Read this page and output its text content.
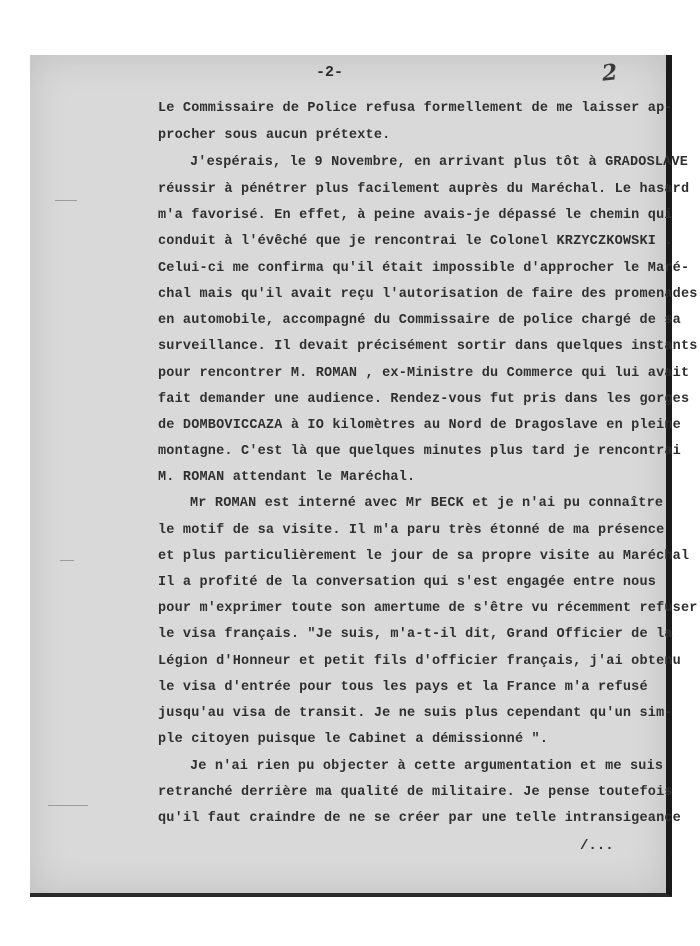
-2-	2
Le Commissaire de Police refusa formellement de me laisser ap-
procher sous aucun prétexte.
J'espérais, le 9 Novembre, en arrivant plus tôt à GRADOSLAVE
réussir à pénétrer plus facilement auprès du Maréchal. Le hasard
m'a favorisé. En effet, à peine avais-je dépassé le chemin qui
conduit à l'évêché que je rencontrai le Colonel KRZYCZKOWSKI .
Celui-ci me confirma qu'il était impossible d'approcher le Maré-
chal mais qu'il avait reçu l'autorisation de faire des promenades
en automobile, accompagné du Commissaire de police chargé de sa
surveillance. Il devait précisément sortir dans quelques instants
pour rencontrer M. ROMAN , ex-Ministre du Commerce qui lui avait
fait demander une audience. Rendez-vous fut pris dans les gorges
de DOMBOVICCAZA à IO kilomètres au Nord de Dragoslave en pleine
montagne. C'est là que quelques minutes plus tard je rencontrai
M. ROMAN attendant le Maréchal.
Mr ROMAN est interné avec Mr BECK et je n'ai pu connaître
le motif de sa visite. Il m'a paru très étonné de ma présence
et plus particulièrement le jour de sa propre visite au Maréchal
Il a profité de la conversation qui s'est engagée entre nous
pour m'exprimer toute son amertume de s'être vu récemment refuser
le visa français. "Je suis, m'a-t-il dit, Grand Officier de la
Légion d'Honneur et petit fils d'officier français, j'ai obtenu
le visa d'entrée pour tous les pays et la France m'a refusé
jusqu'au visa de transit. Je ne suis plus cependant qu'un sim-
ple citoyen puisque le Cabinet a démissionné ".
Je n'ai rien pu objecter à cette argumentation et me suis
retranché derrière ma qualité de militaire. Je pense toutefois
qu'il faut craindre de ne se créer par une telle intransigeance
/...
